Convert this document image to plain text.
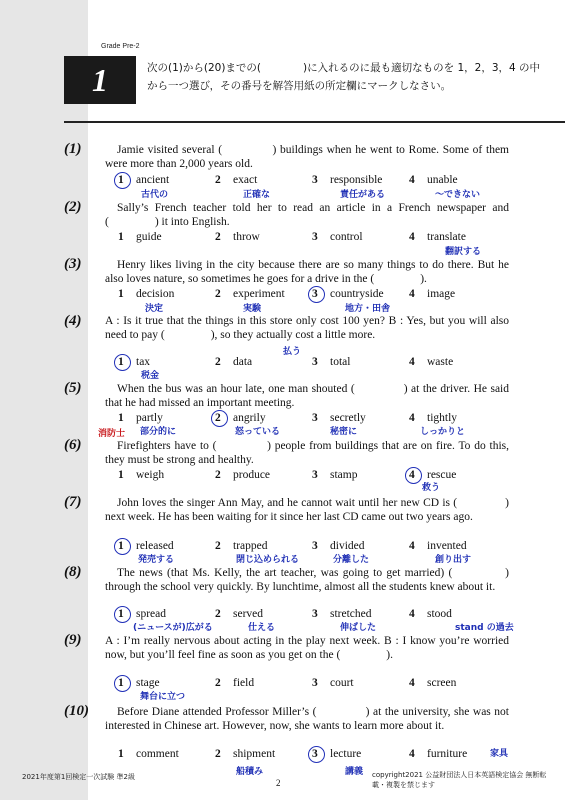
Grade Pre-2
1	次の(1)から(20)までの(　　　　)に入れるのに最も適切なものを 1，2，3，4 の中から一つ選び，その番号を解答用紙の所定欄にマークしなさい。
(1)	Jamie visited several (　　　　) buildings when he went to Rome. Some of them were more than 2,000 years old.
1 ancient	2 exact	3 responsible 4 unable
古代の	正確な	責任がある	～できない
(2)	Sally’s French teacher told her to read an article in a French newspaper and (　　　　) it into English.
1 guide	2 throw	3 control	4 translate
翻訳する
(3)	Henry likes living in the city because there are so many things to do there. But he also loves nature, so sometimes he goes for a drive in the (　　　　).
1 decision	2 experiment 3 countryside 4 image
決定	実験	地方・田舎
(4) A : Is it true that the things in this store only cost 100 yen? B : Yes, but you will also need to pay (　　　　), so they actually cost a little more.
1 tax	2 data	3 total	4 waste
税金
払う
(5)	When the bus was an hour late, one man shouted (　　　　) at the driver. He said that he had missed an important meeting.
1 partly	2 angrily	3 secretly	4 tightly
部分的に	怒っている	秘密に	しっかりと
消防士
(6)	Firefighters have to (　　　　) people from buildings that are on fire. To do this, they must be strong and healthy.
1 weigh	2 produce	3 stamp	4 rescue
救う
(7)	John loves the singer Ann May, and he cannot wait until her new CD is (　　　　) next week. He has been waiting for it since her last CD came out two years ago.
1 released	2 trapped	3 divided	4 invented
発売する	閉じ込められる	分離した	創り出す
(8)	The news (that Ms. Kelly, the art teacher, was going to get married) (　　　　) through the school very quickly. By lunchtime, almost all the students knew about it.
1 spread	2 served	3 stretched	4 stood
(ニュースが)広がる	仕える	伸ばした	stand の過去
(9) A : I’m really nervous about acting in the play next week. B : I know you’re worried now, but you’ll feel fine as soon as you get on the (　　　　).
1 stage	2 field	3 court	4 screen
舞台に立つ
(10)	Before Diane attended Professor Miller’s (　　　　) at the university, she was not interested in Chinese art. However, now, she wants to learn more about it.
1 comment	2 shipment	3 lecture	4 furniture
船積み	講義
家具
2021年度第1回検定一次試験 準2級
2
copyright2021 公益財団法人日本英語検定協会 無断転載・複製を禁じます
